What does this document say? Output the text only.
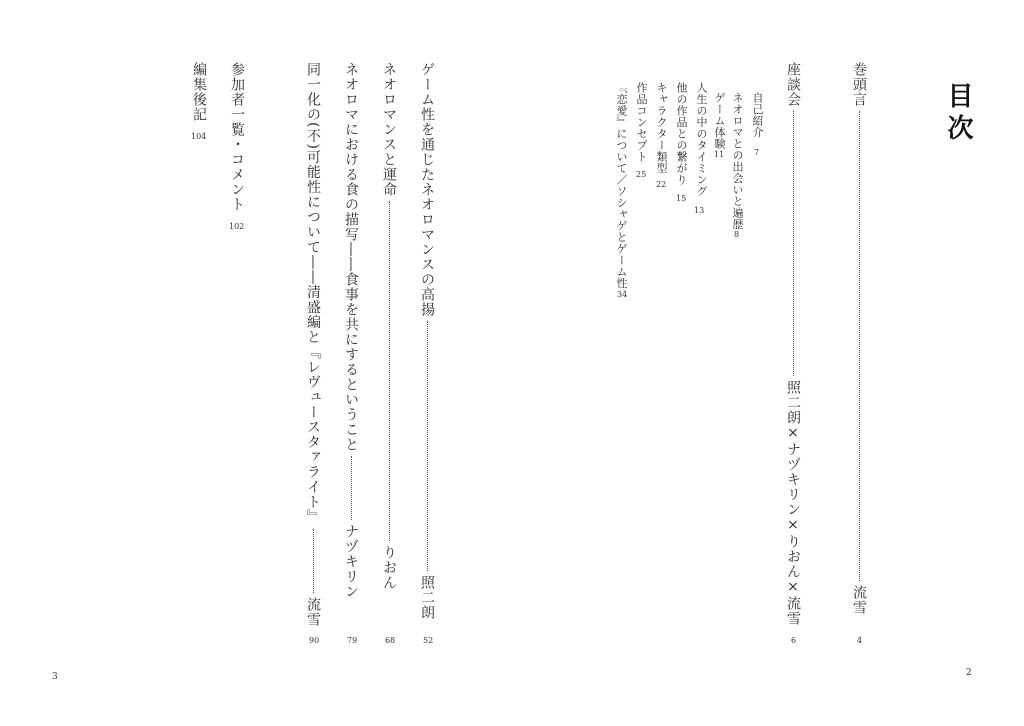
目次
巻頭言流雪
4
座談会照二朗×ナヅキリン×りおん×流雪
6
自己紹介
7
ネオロマとの出会いと遍歴
8
ゲーム体験
11
人生の中のタイミング
13
他の作品との繋がり
15
キャラクター類型
22
作品コンセプト
25
『恋愛』について／ソシャゲとゲーム性
34
ゲーム性を通じたネオロマンスの高揚照二朗
52
ネオロマンスと運命りおん
68
ネオロマにおける食の描写――食事を共にするということナヅキリン
79
同一化の(不)可能性について――清盛編と『レヴュースタァライト』流雪
90
参加者一覧・コメント
102
編集後記
104
3	2
